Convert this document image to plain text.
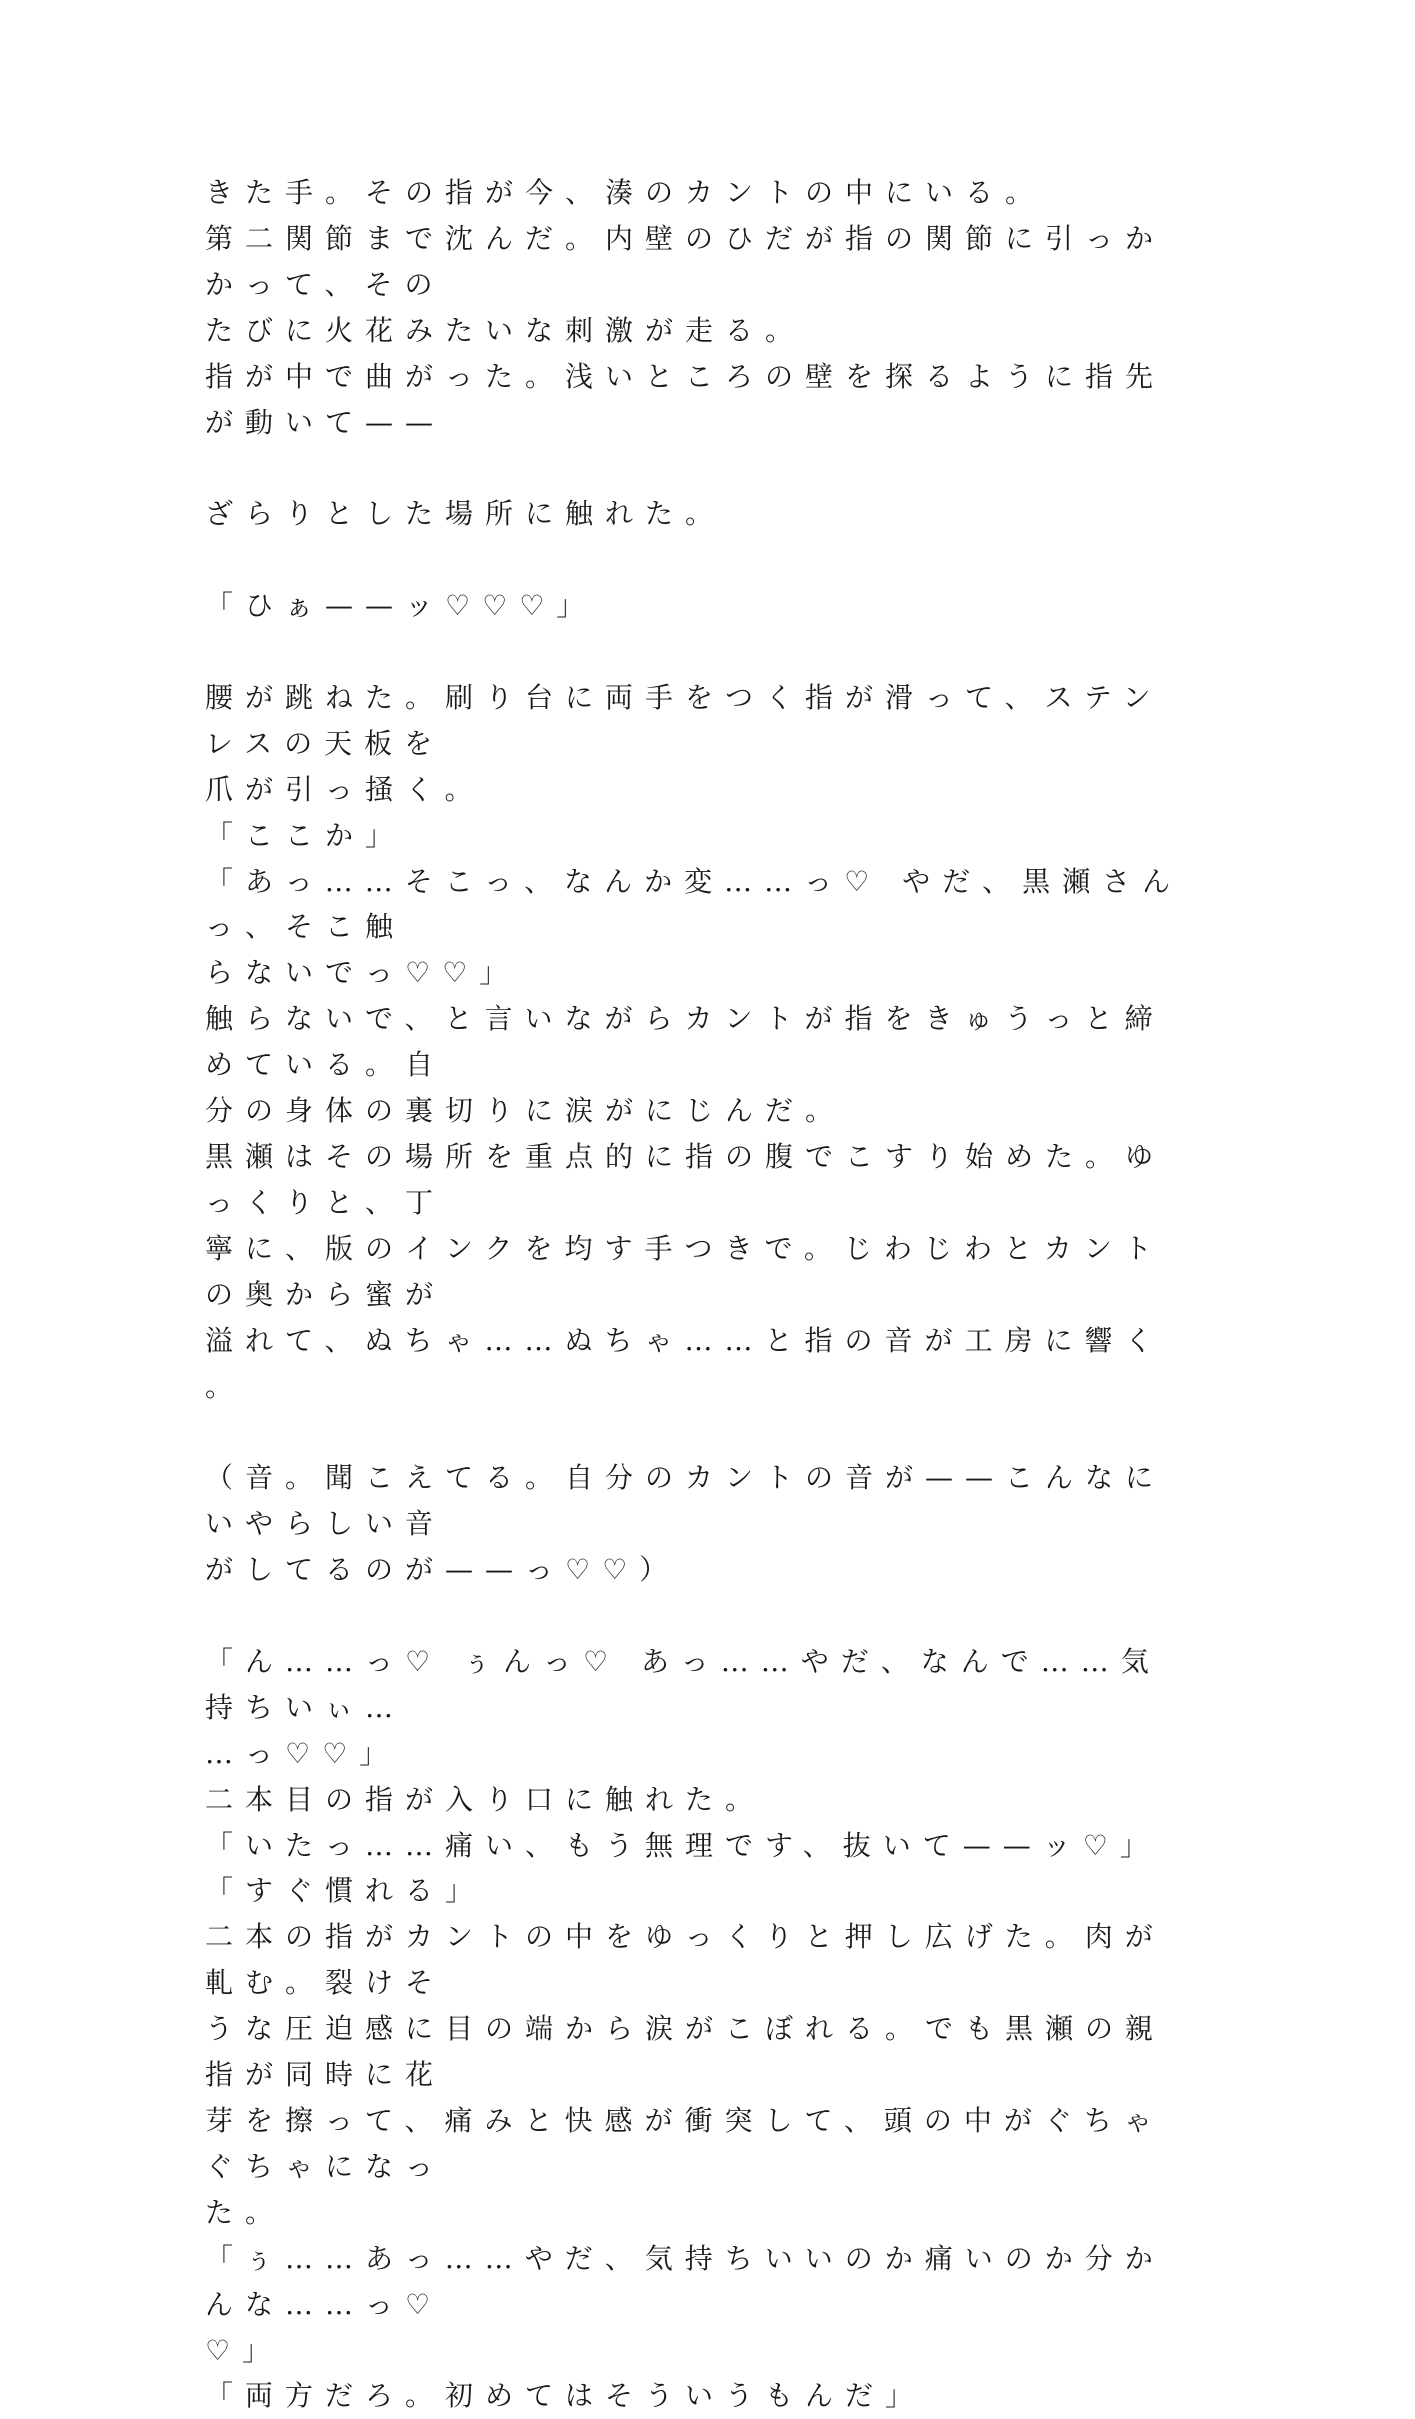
きた手。その指が今、湊のカントの中にいる。
第二関節まで沈んだ。内壁のひだが指の関節に引っかかって、その
たびに火花みたいな刺激が走る。
指が中で曲がった。浅いところの壁を探るように指先が動いて——
ざらりとした場所に触れた。
「ひぁ——ッ♡♡♡」
腰が跳ねた。刷り台に両手をつく指が滑って、ステンレスの天板を
爪が引っ掻く。
「ここか」
「あっ……そこっ、なんか変……っ♡ やだ、黒瀬さんっ、そこ触
らないでっ♡♡」
触らないで、と言いながらカントが指をきゅうっと締めている。自
分の身体の裏切りに涙がにじんだ。
黒瀬はその場所を重点的に指の腹でこすり始めた。ゆっくりと、丁
寧に、版のインクを均す手つきで。じわじわとカントの奥から蜜が
溢れて、ぬちゃ……ぬちゃ……と指の音が工房に響く。
（音。聞こえてる。自分のカントの音が——こんなにいやらしい音
がしてるのが——っ♡♡）
「ん……っ♡ ぅんっ♡ あっ……やだ、なんで……気持ちいぃ…
…っ♡♡」
二本目の指が入り口に触れた。
「いたっ……痛い、もう無理です、抜いて——ッ♡」
「すぐ慣れる」
二本の指がカントの中をゆっくりと押し広げた。肉が軋む。裂けそ
うな圧迫感に目の端から涙がこぼれる。でも黒瀬の親指が同時に花
芽を擦って、痛みと快感が衝突して、頭の中がぐちゃぐちゃになっ
た。
「ぅ……あっ……やだ、気持ちいいのか痛いのか分かんな……っ♡
♡」
「両方だろ。初めてはそういうもんだ」
